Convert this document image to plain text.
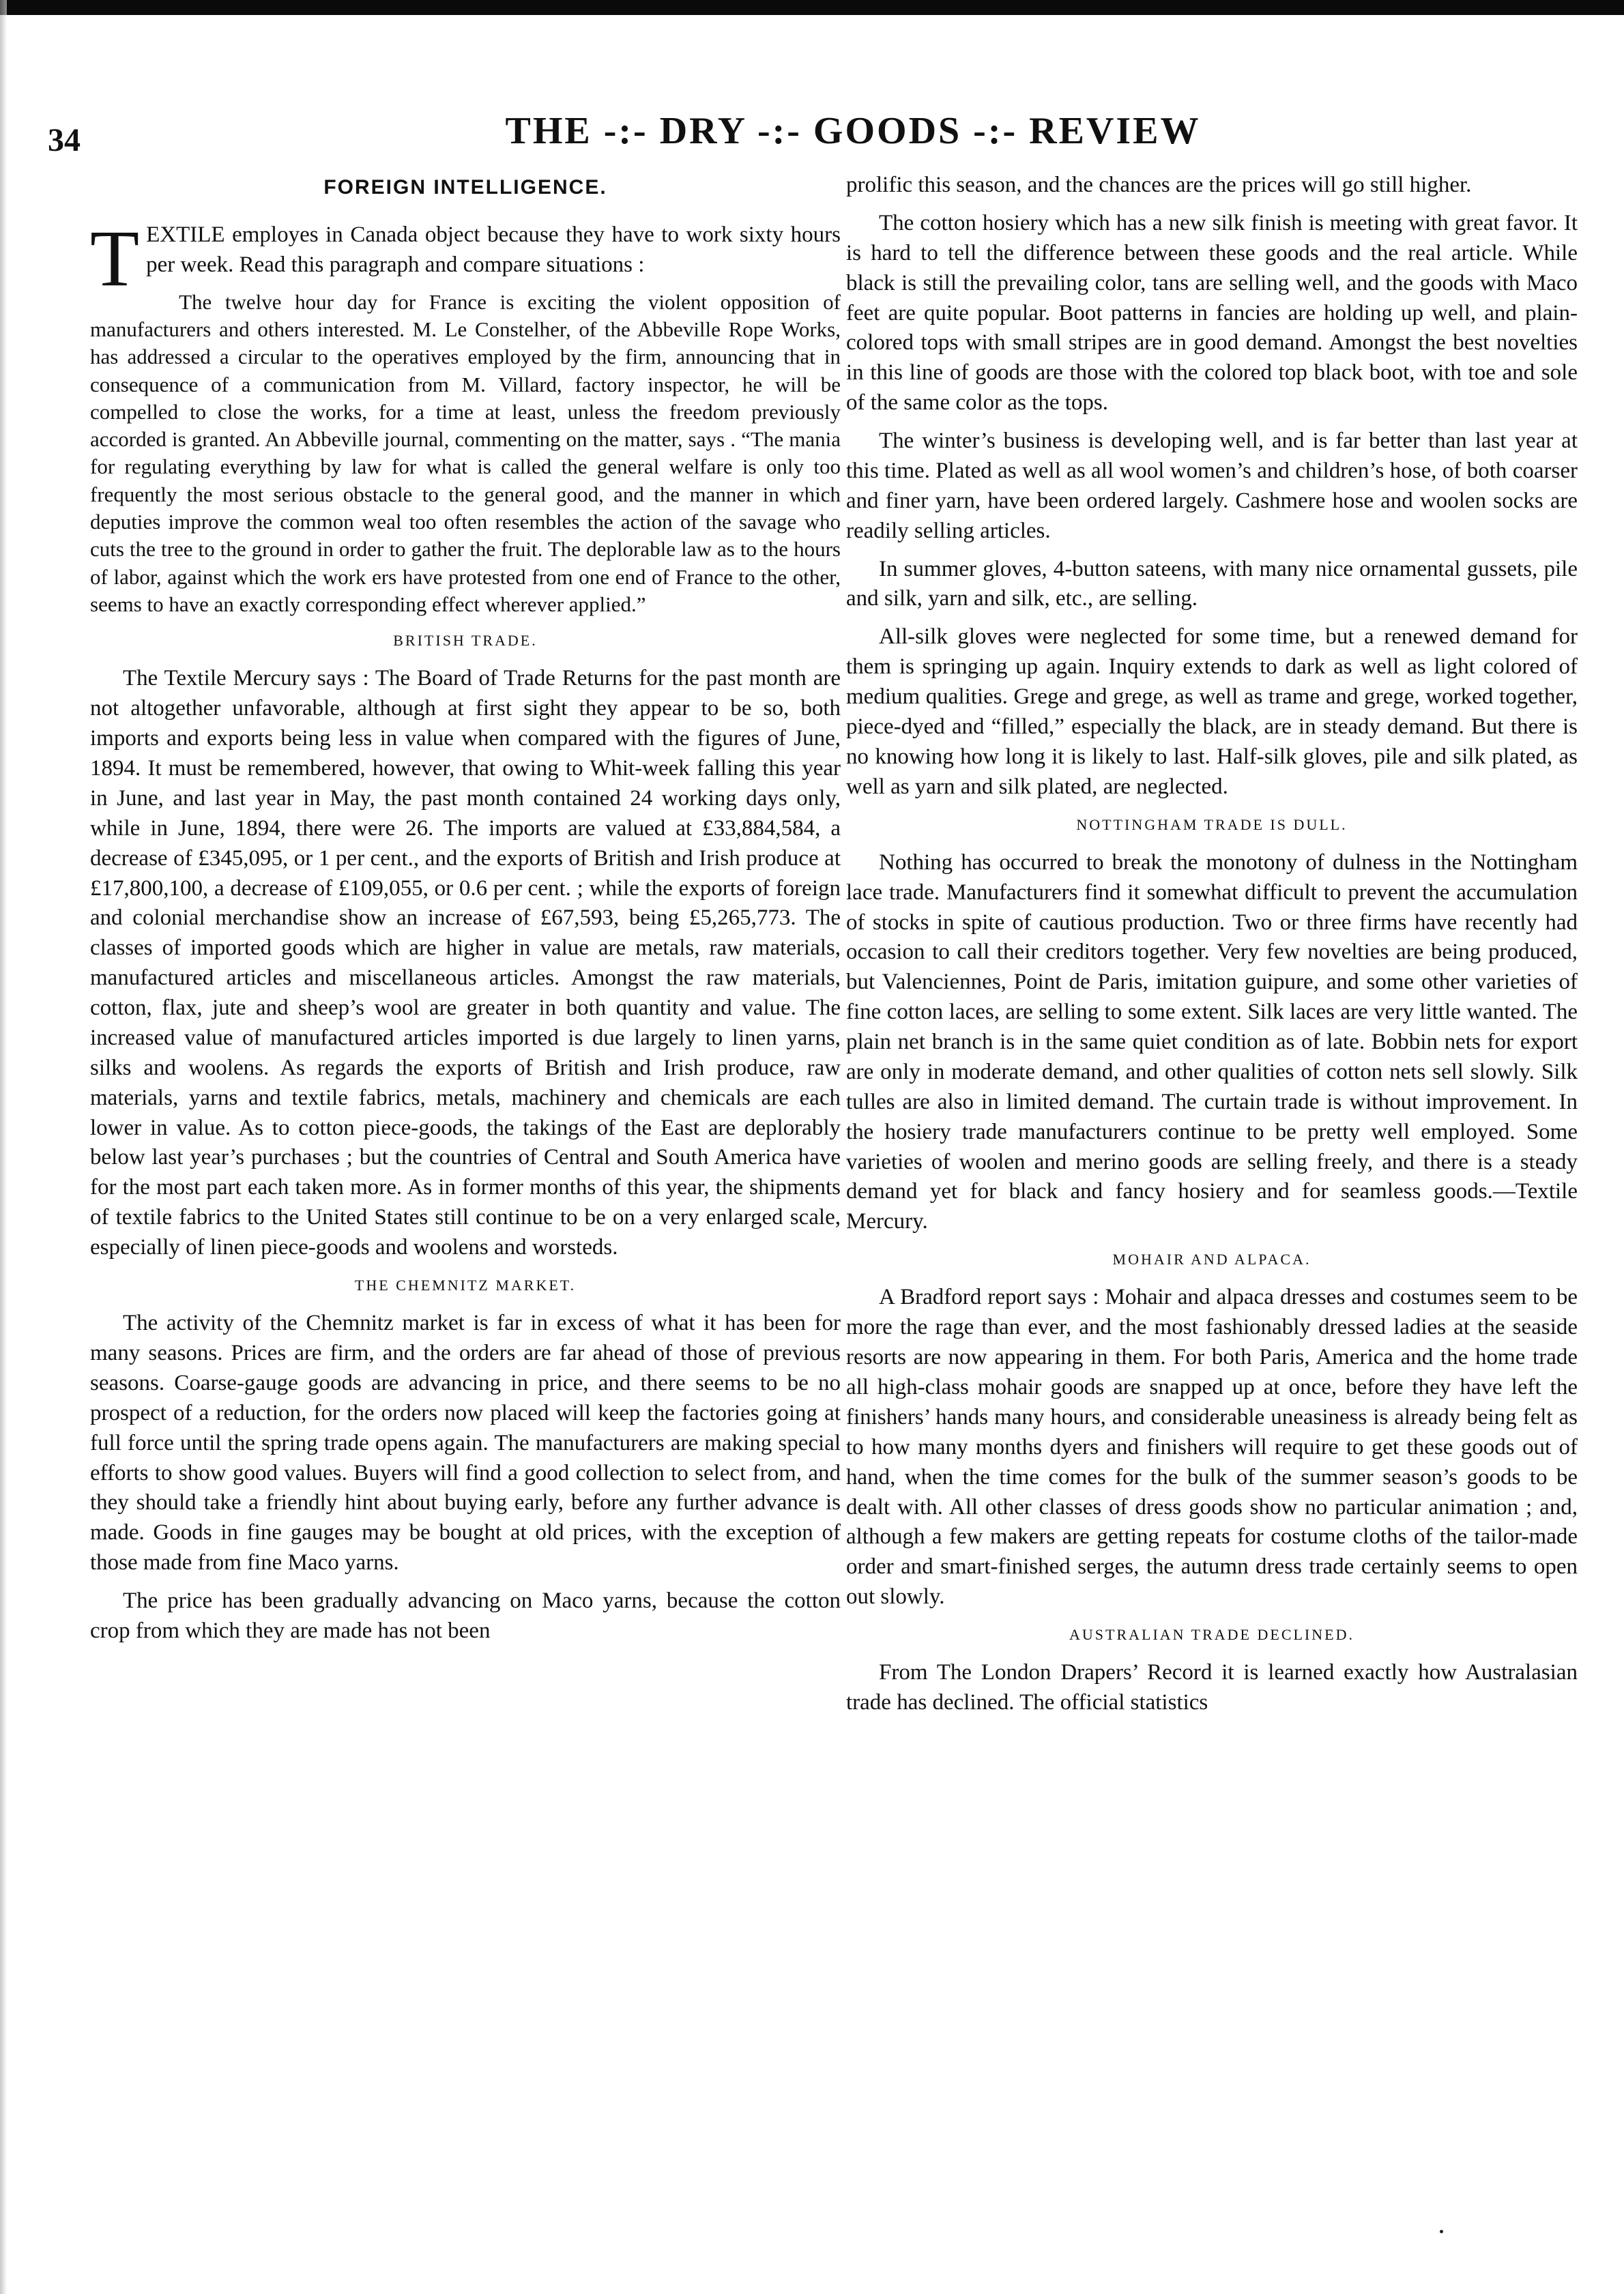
34	THE -:- DRY -:- GOODS -:- REVIEW
FOREIGN INTELLIGENCE.

TEXTILE employes in Canada object because they have to work sixty hours per week. Read this paragraph and compare situations :

The twelve hour day for France is exciting the violent opposition of manufacturers and others interested. M. Le Constelher, of the Abbeville Rope Works, has addressed a circular to the operatives employed by the firm, announcing that in consequence of a communication from M. Villard, factory inspector, he will be compelled to close the works, for a time at least, unless the freedom previously accorded is granted. An Abbeville journal, commenting on the matter, says . “The mania for regulating everything by law for what is called the general welfare is only too frequently the most serious obstacle to the general good, and the manner in which deputies improve the common weal too often resembles the action of the savage who cuts the tree to the ground in order to gather the fruit. The deplorable law as to the hours of labor, against which the work ers have protested from one end of France to the other, seems to have an exactly corresponding effect wherever applied.”

BRITISH TRADE.

The Textile Mercury says : The Board of Trade Returns for the past month are not altogether unfavorable, although at first sight they appear to be so, both imports and exports being less in value when compared with the figures of June, 1894. It must be remembered, however, that owing to Whit-week falling this year in June, and last year in May, the past month contained 24 working days only, while in June, 1894, there were 26. The imports are valued at £33,884,584, a decrease of £345,095, or 1 per cent., and the exports of British and Irish produce at £17,800,100, a decrease of £109,055, or 0.6 per cent. ; while the exports of foreign and colonial merchandise show an increase of £67,593, being £5,265,773. The classes of imported goods which are higher in value are metals, raw materials, manufactured articles and miscellaneous articles. Amongst the raw materials, cotton, flax, jute and sheep’s wool are greater in both quantity and value. The increased value of manufactured articles imported is due largely to linen yarns, silks and woolens. As regards the exports of British and Irish produce, raw materials, yarns and textile fabrics, metals, machinery and chemicals are each lower in value. As to cotton piece-goods, the takings of the East are deplorably below last year’s purchases ; but the countries of Central and South America have for the most part each taken more. As in former months of this year, the shipments of textile fabrics to the United States still continue to be on a very enlarged scale, especially of linen piece-goods and woolens and worsteds.

THE CHEMNITZ MARKET.

The activity of the Chemnitz market is far in excess of what it has been for many seasons. Prices are firm, and the orders are far ahead of those of previous seasons. Coarse-gauge goods are advancing in price, and there seems to be no prospect of a reduction, for the orders now placed will keep the factories going at full force until the spring trade opens again. The manufacturers are making special efforts to show good values. Buyers will find a good collection to select from, and they should take a friendly hint about buying early, before any further advance is made. Goods in fine gauges may be bought at old prices, with the exception of those made from fine Maco yarns.

The price has been gradually advancing on Maco yarns, because the cotton crop from which they are made has not been

prolific this season, and the chances are the prices will go still higher.

The cotton hosiery which has a new silk finish is meeting with great favor. It is hard to tell the difference between these goods and the real article. While black is still the prevailing color, tans are selling well, and the goods with Maco feet are quite popular. Boot patterns in fancies are holding up well, and plain-colored tops with small stripes are in good demand. Amongst the best novelties in this line of goods are those with the colored top black boot, with toe and sole of the same color as the tops.

The winter’s business is developing well, and is far better than last year at this time. Plated as well as all wool women’s and children’s hose, of both coarser and finer yarn, have been ordered largely. Cashmere hose and woolen socks are readily selling articles.

In summer gloves, 4-button sateens, with many nice ornamental gussets, pile and silk, yarn and silk, etc., are selling.

All-silk gloves were neglected for some time, but a renewed demand for them is springing up again. Inquiry extends to dark as well as light colored of medium qualities. Grege and grege, as well as trame and grege, worked together, piece-dyed and “filled,” especially the black, are in steady demand. But there is no knowing how long it is likely to last. Half-silk gloves, pile and silk plated, as well as yarn and silk plated, are neglected.

NOTTINGHAM TRADE IS DULL.

Nothing has occurred to break the monotony of dulness in the Nottingham lace trade. Manufacturers find it somewhat difficult to prevent the accumulation of stocks in spite of cautious production. Two or three firms have recently had occasion to call their creditors together. Very few novelties are being produced, but Valenciennes, Point de Paris, imitation guipure, and some other varieties of fine cotton laces, are selling to some extent. Silk laces are very little wanted. The plain net branch is in the same quiet condition as of late. Bobbin nets for export are only in moderate demand, and other qualities of cotton nets sell slowly. Silk tulles are also in limited demand. The curtain trade is without improvement. In the hosiery trade manufacturers continue to be pretty well employed. Some varieties of woolen and merino goods are selling freely, and there is a steady demand yet for black and fancy hosiery and for seamless goods.—Textile Mercury.

MOHAIR AND ALPACA.

A Bradford report says : Mohair and alpaca dresses and costumes seem to be more the rage than ever, and the most fashionably dressed ladies at the seaside resorts are now appearing in them. For both Paris, America and the home trade all high-class mohair goods are snapped up at once, before they have left the finishers’ hands many hours, and considerable uneasiness is already being felt as to how many months dyers and finishers will require to get these goods out of hand, when the time comes for the bulk of the summer season’s goods to be dealt with. All other classes of dress goods show no particular animation ; and, although a few makers are getting repeats for costume cloths of the tailor-made order and smart-finished serges, the autumn dress trade certainly seems to open out slowly.

AUSTRALIAN TRADE DECLINED.

From The London Drapers’ Record it is learned exactly how Australasian trade has declined. The official statistics
